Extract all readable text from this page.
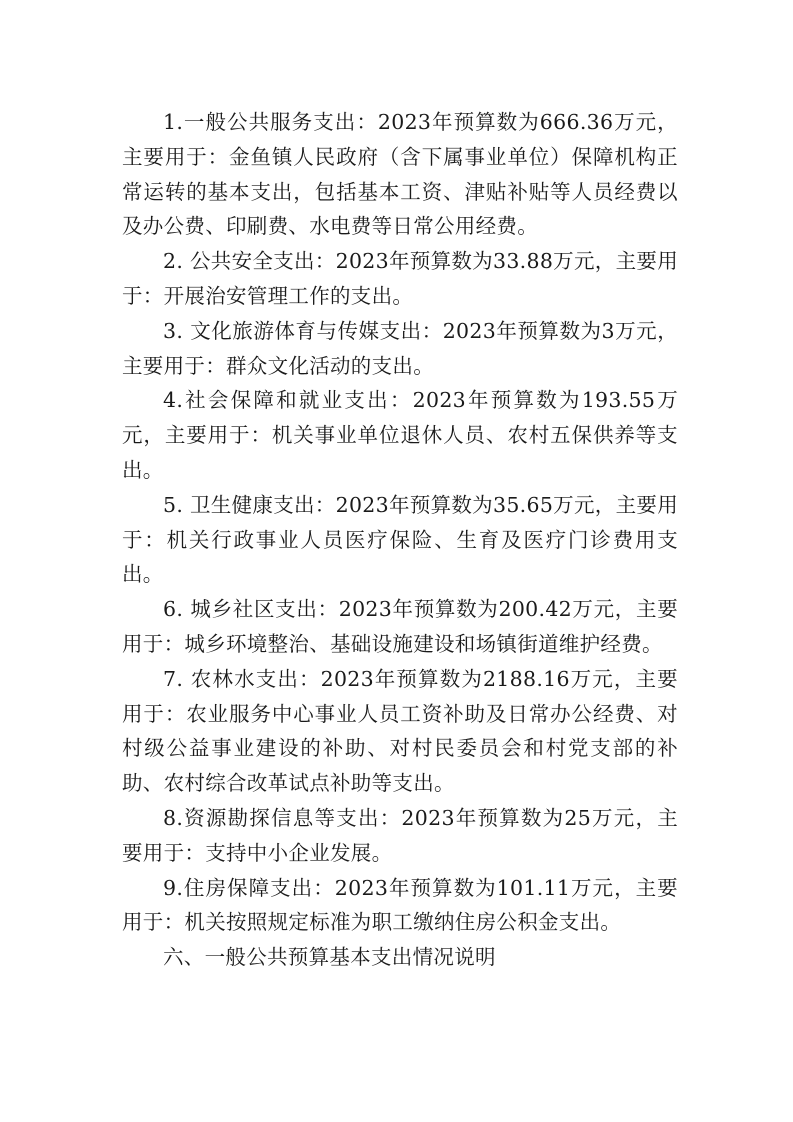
1.一般公共服务支出：2023年预算数为666.36万元，主要用于：金鱼镇人民政府（含下属事业单位）保障机构正常运转的基本支出，包括基本工资、津贴补贴等人员经费以及办公费、印刷费、水电费等日常公用经费。

2. 公共安全支出：2023年预算数为33.88万元，主要用于：开展治安管理工作的支出。

3. 文化旅游体育与传媒支出：2023年预算数为3万元，主要用于：群众文化活动的支出。

4.社会保障和就业支出：2023年预算数为193.55万元，主要用于：机关事业单位退休人员、农村五保供养等支出。

5. 卫生健康支出：2023年预算数为35.65万元，主要用于：机关行政事业人员医疗保险、生育及医疗门诊费用支出。

6. 城乡社区支出：2023年预算数为200.42万元，主要用于：城乡环境整治、基础设施建设和场镇街道维护经费。

7. 农林水支出：2023年预算数为2188.16万元，主要用于：农业服务中心事业人员工资补助及日常办公经费、对村级公益事业建设的补助、对村民委员会和村党支部的补助、农村综合改革试点补助等支出。

8.资源勘探信息等支出：2023年预算数为25万元，主要用于：支持中小企业发展。

9.住房保障支出：2023年预算数为101.11万元，主要用于：机关按照规定标准为职工缴纳住房公积金支出。

六、一般公共预算基本支出情况说明
